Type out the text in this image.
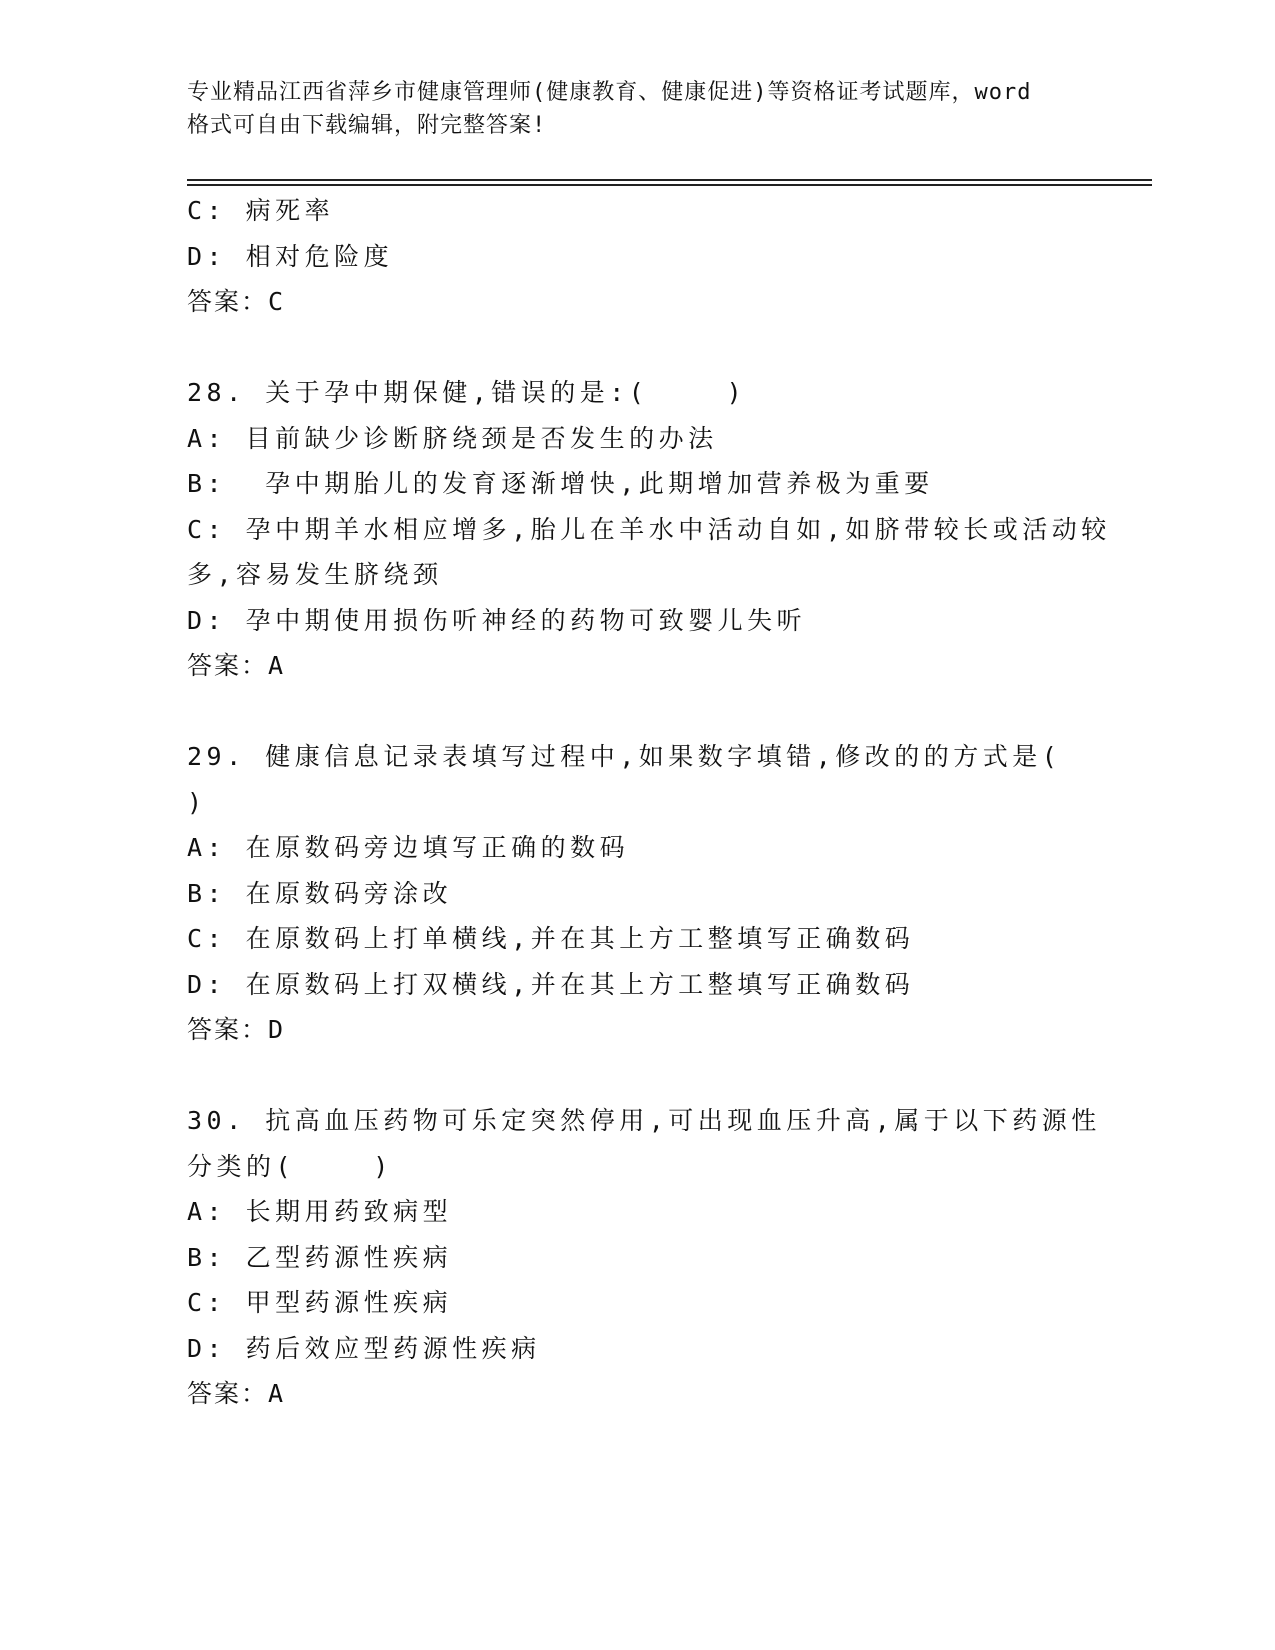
专业精品江西省萍乡市健康管理师(健康教育、健康促进)等资格证考试题库，word
格式可自由下载编辑，附完整答案!
C: 病死率
D: 相对危险度
答案：C
28. 关于孕中期保健,错误的是:(    )
A: 目前缺少诊断脐绕颈是否发生的办法
B:  孕中期胎儿的发育逐渐增快,此期增加营养极为重要
C: 孕中期羊水相应增多,胎儿在羊水中活动自如,如脐带较长或活动较
多,容易发生脐绕颈
D: 孕中期使用损伤听神经的药物可致婴儿失听
答案：A
29. 健康信息记录表填写过程中,如果数字填错,修改的的方式是(
)
A: 在原数码旁边填写正确的数码
B: 在原数码旁涂改
C: 在原数码上打单横线,并在其上方工整填写正确数码
D: 在原数码上打双横线,并在其上方工整填写正确数码
答案：D
30. 抗高血压药物可乐定突然停用,可出现血压升高,属于以下药源性
分类的(    )
A: 长期用药致病型
B: 乙型药源性疾病
C: 甲型药源性疾病
D: 药后效应型药源性疾病
答案：A
